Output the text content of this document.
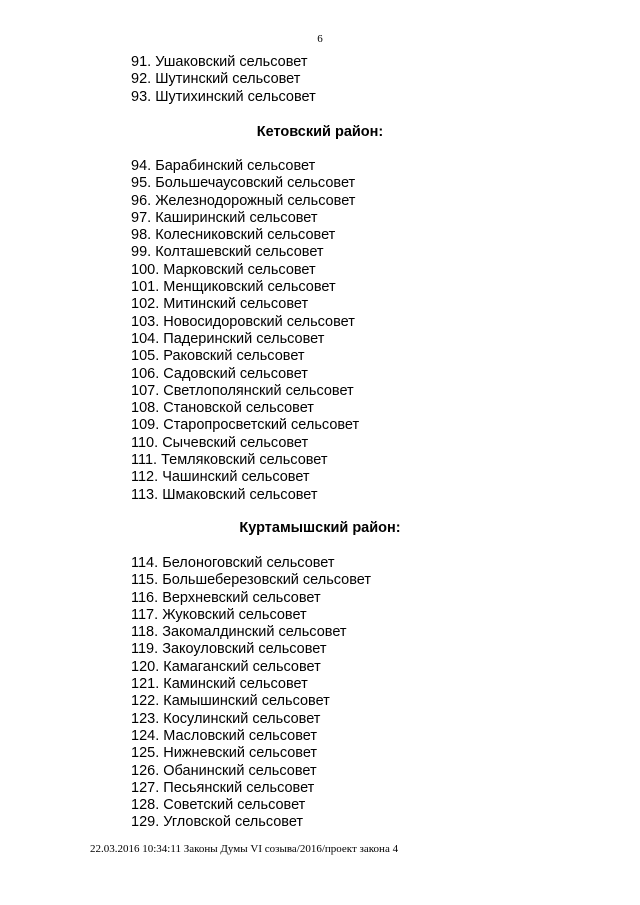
6
91. Ушаковский сельсовет
92. Шутинский сельсовет
93. Шутихинский сельсовет
Кетовский район:
94. Барабинский сельсовет
95. Большечаусовский сельсовет
96. Железнодорожный сельсовет
97. Каширинский сельсовет
98. Колесниковский сельсовет
99. Колташевский сельсовет
100. Марковский сельсовет
101. Менщиковский сельсовет
102. Митинский сельсовет
103. Новосидоровский сельсовет
104. Падеринский сельсовет
105. Раковский сельсовет
106. Садовский сельсовет
107. Светлополянский сельсовет
108. Становской сельсовет
109. Старопросветский сельсовет
110. Сычевский сельсовет
111. Темляковский сельсовет
112. Чашинский сельсовет
113. Шмаковский сельсовет
Куртамышский район:
114. Белоноговский сельсовет
115. Большеберезовский сельсовет
116. Верхневский сельсовет
117. Жуковский сельсовет
118. Закомалдинский сельсовет
119. Закоуловский сельсовет
120. Камаганский сельсовет
121. Каминский сельсовет
122. Камышинский сельсовет
123. Косулинский сельсовет
124. Масловский сельсовет
125. Нижневский сельсовет
126. Обанинский сельсовет
127. Песьянский сельсовет
128. Советский сельсовет
129. Угловской сельсовет
22.03.2016 10:34:11 Законы Думы VI созыва/2016/проект закона 4
